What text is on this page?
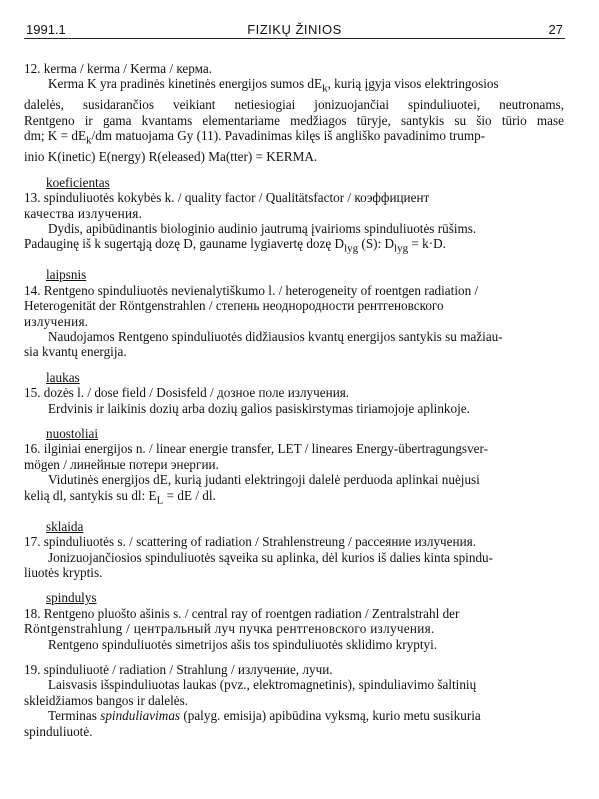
1991.1	FIZIKŲ ŽINIOS	27
12. kerma / kerma / Kerma / керма.
Kerma K yra pradinės kinetinės energijos sumos $dE_k$, kurią įgyja visos elektringosios
dalelės, susidarančios veikiant netiesiogiai jonizuojančiai spinduliuotei, neutronams,
Rentgeno ir gama kvantams elementariame medžiagos tūryje, santykis su šio tūrio mase
dm; $K = dE_k/dm$ matuojama Gy (11). Pavadinimas kilęs iš angliško pavadinimo trump-
inio K(inetic) E(nergy) R(eleased) Ma(tter) = KERMA.
koeficientas
13. spinduliuotės kokybės k. / quality factor / Qualitätsfactor / коэффициент
качества излучения.
Dydis, apibūdinantis biologinio audinio jautrumą įvairioms spinduliuotės rūšims.
Padauginę iš k sugertąją dozę D, gauname lygiavertę dozę $D_{lyg}$ (S): $D_{lyg} = k\cdot D$.
laipsnis
14. Rentgeno spinduliuotės nevienalytiškumo l. / heterogeneity of roentgen radiation /
Heterogenität der Röntgenstrahlen / степень неоднородности рентгеновского
излучения.
Naudojamos Rentgeno spinduliuotės didžiausios kvantų energijos santykis su mažiau-
sia kvantų energija.
laukas
15. dozės l. / dose field / Dosisfeld / дозное поле излучения.
Erdvinis ir laikinis dozių arba dozių galios pasiskirstymas tiriamojoje aplinkoje.
nuostoliai
16. ilginiai energijos n. / linear energie transfer, LET / lineares Energy-übertragungsver-
mögen / линейные потери энергии.
Vidutinės energijos dE, kurią judanti elektringoji dalelė perduoda aplinkai nuėjusi
kelią dl, santykis su dl: $E_L$ = dE / dl.
sklaida
17. spinduliuotės s. / scattering of radiation / Strahlenstreung / рассеяние излучения.
Jonizuojančiosios spinduliuotės sąveika su aplinka, dėl kurios iš dalies kinta spindu-
liuotės kryptis.
spindulys
18. Rentgeno pluošto ašinis s. / central ray of roentgen radiation / Zentralstrahl der
Röntgenstrahlung / центральный луч пучка рентгеновского излучения.
Rentgeno spinduliuotės simetrijos ašis tos spinduliuotės sklidimo kryptyi.
19. spinduliuotė / radiation / Strahlung / излучение, лучи.
Laisvasis išspinduliuotas laukas (pvz., elektromagnetinis), spinduliavimo šaltinių
skleidžiamos bangos ir dalelės.
Terminas spinduliavimas (palyg. emisija) apibūdina vyksmą, kurio metu susikuria
spinduliuotė.
